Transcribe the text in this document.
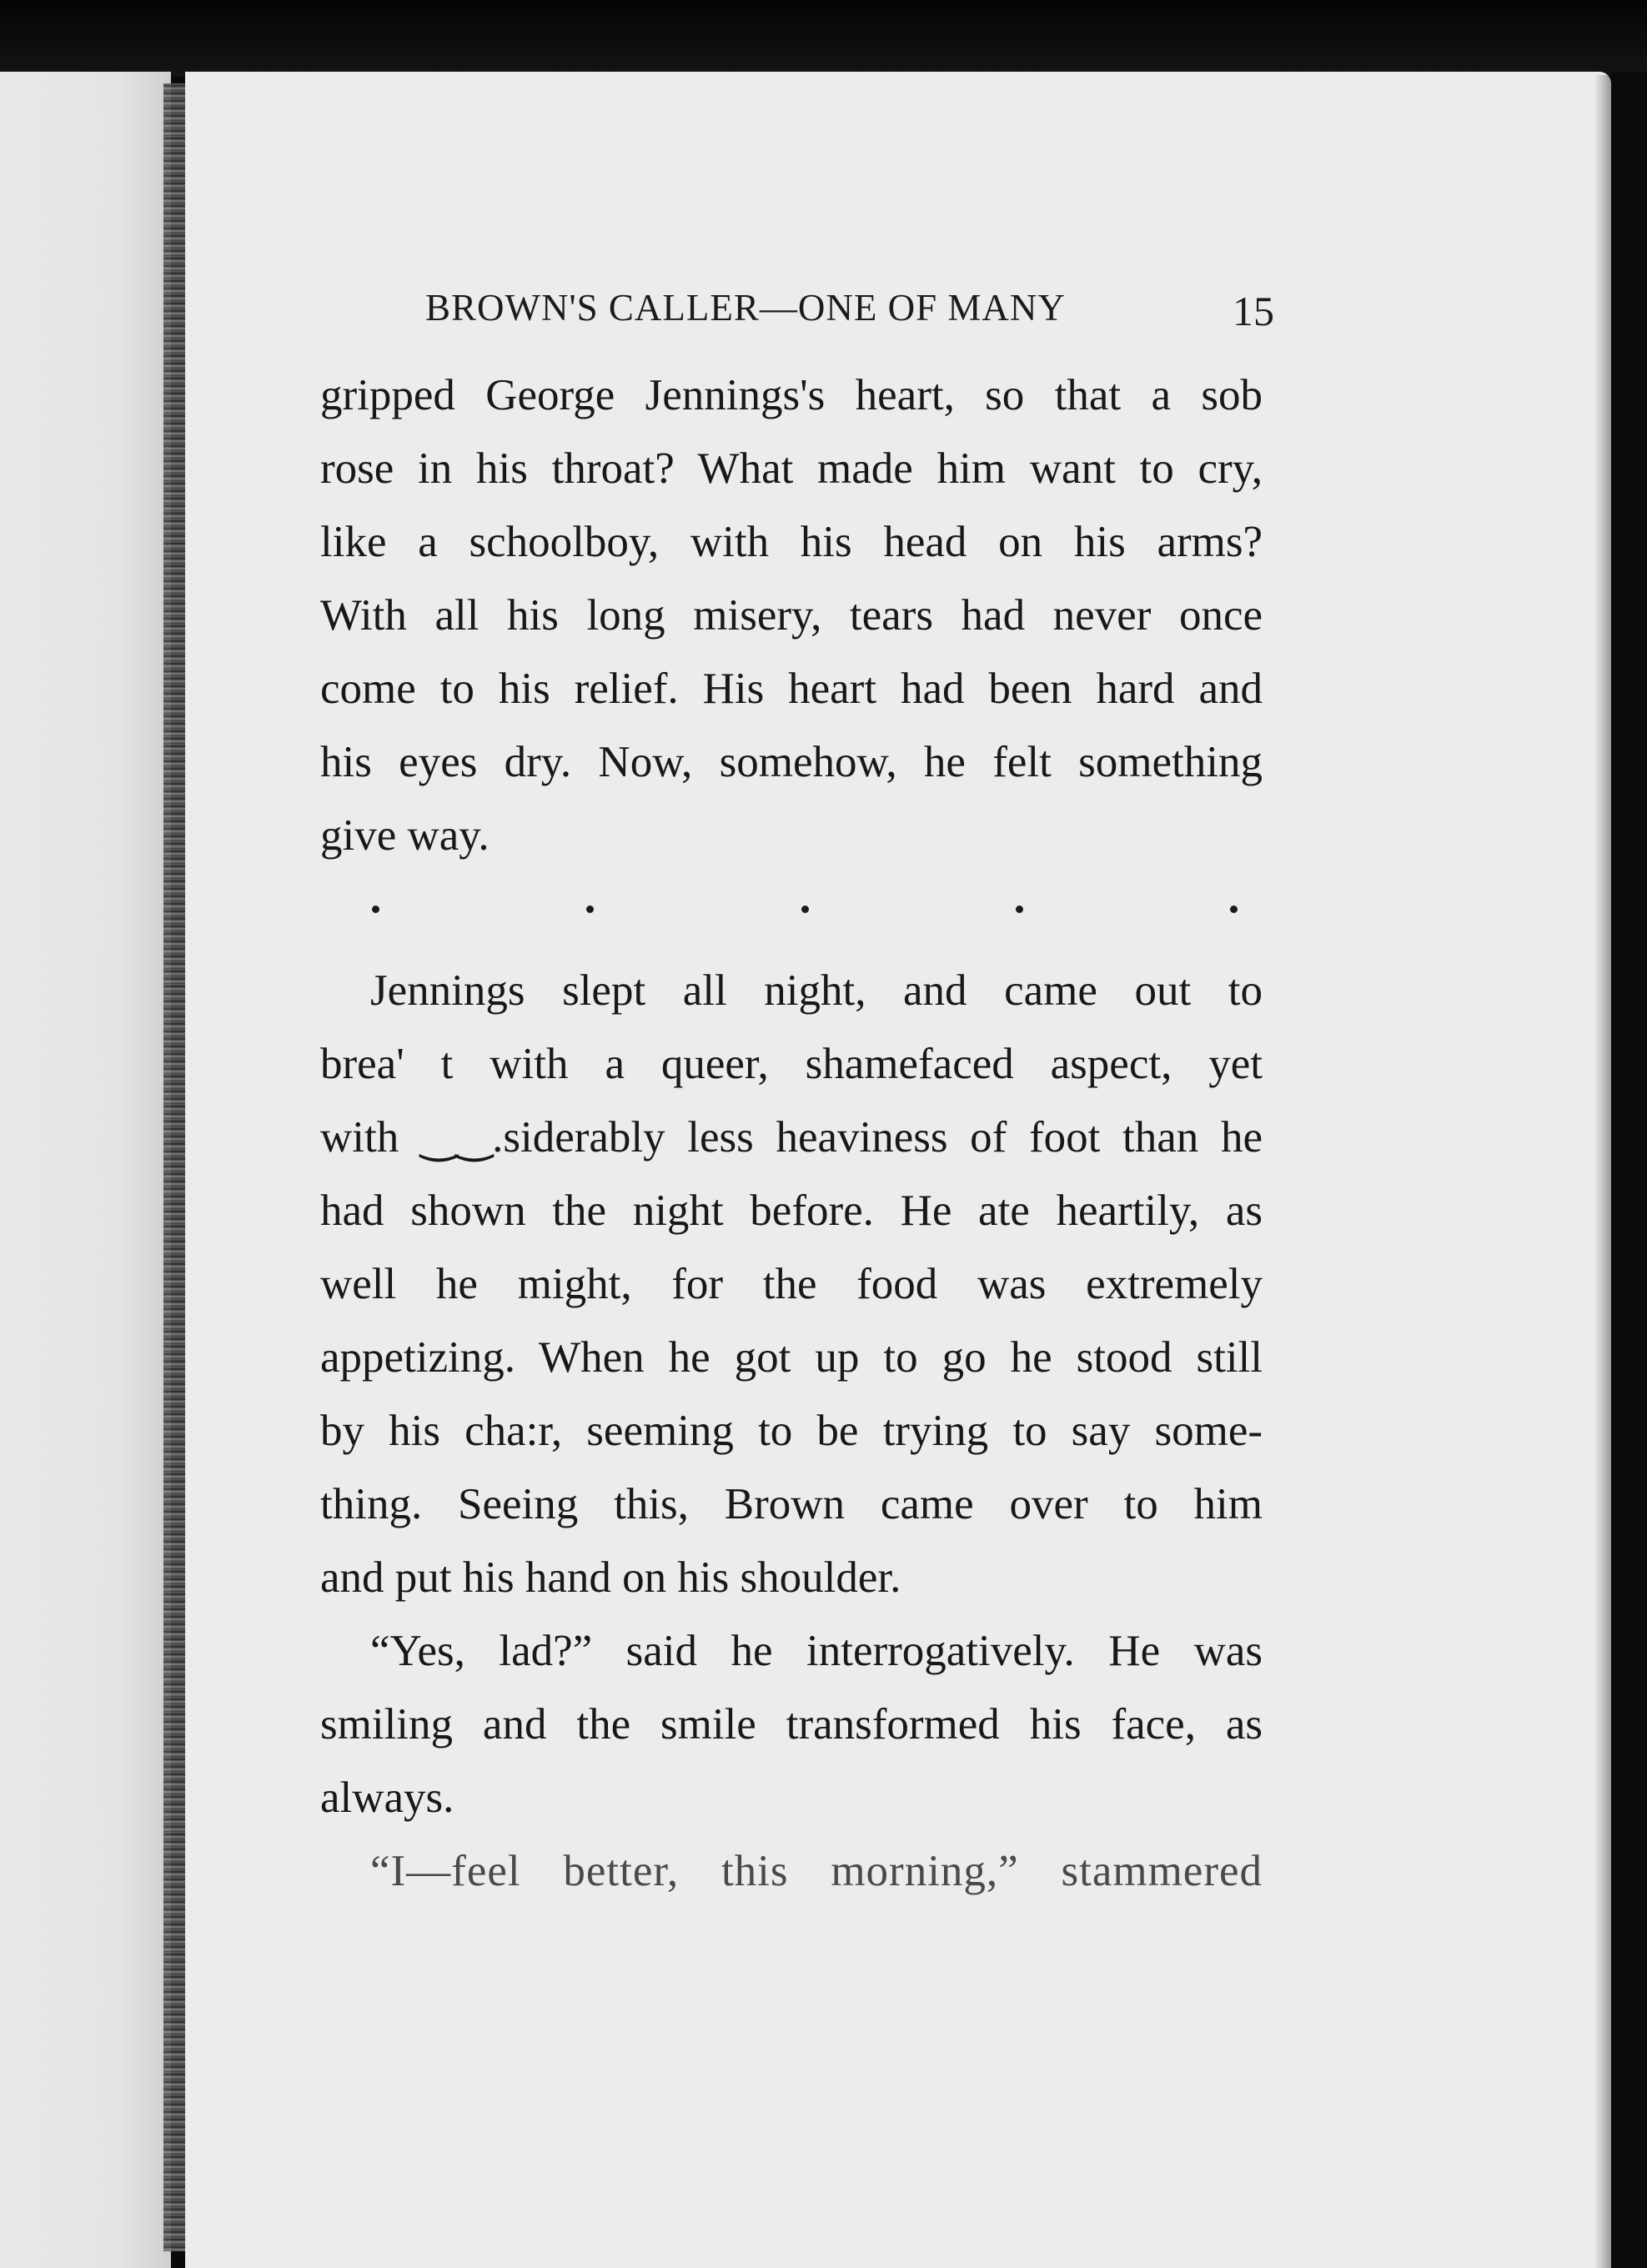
BROWN'S CALLER—ONE OF MANY	15
gripped George Jennings's heart, so that a sob
rose in his throat? What made him want to cry,
like a schoolboy, with his head on his arms?
With all his long misery, tears had never once
come to his relief. His heart had been hard and
his eyes dry. Now, somehow, he felt something
give way.
Jennings slept all night, and came out to
brea' t with a queer, shamefaced aspect, yet
with ‿‿.siderably less heaviness of foot than he
had shown the night before. He ate heartily, as
well he might, for the food was extremely
appetizing. When he got up to go he stood still
by his cha:r, seeming to be trying to say some-
thing. Seeing this, Brown came over to him
and put his hand on his shoulder.
“Yes, lad?” said he interrogatively. He was
smiling and the smile transformed his face, as
always.
“I—feel better, this morning,” stammered
